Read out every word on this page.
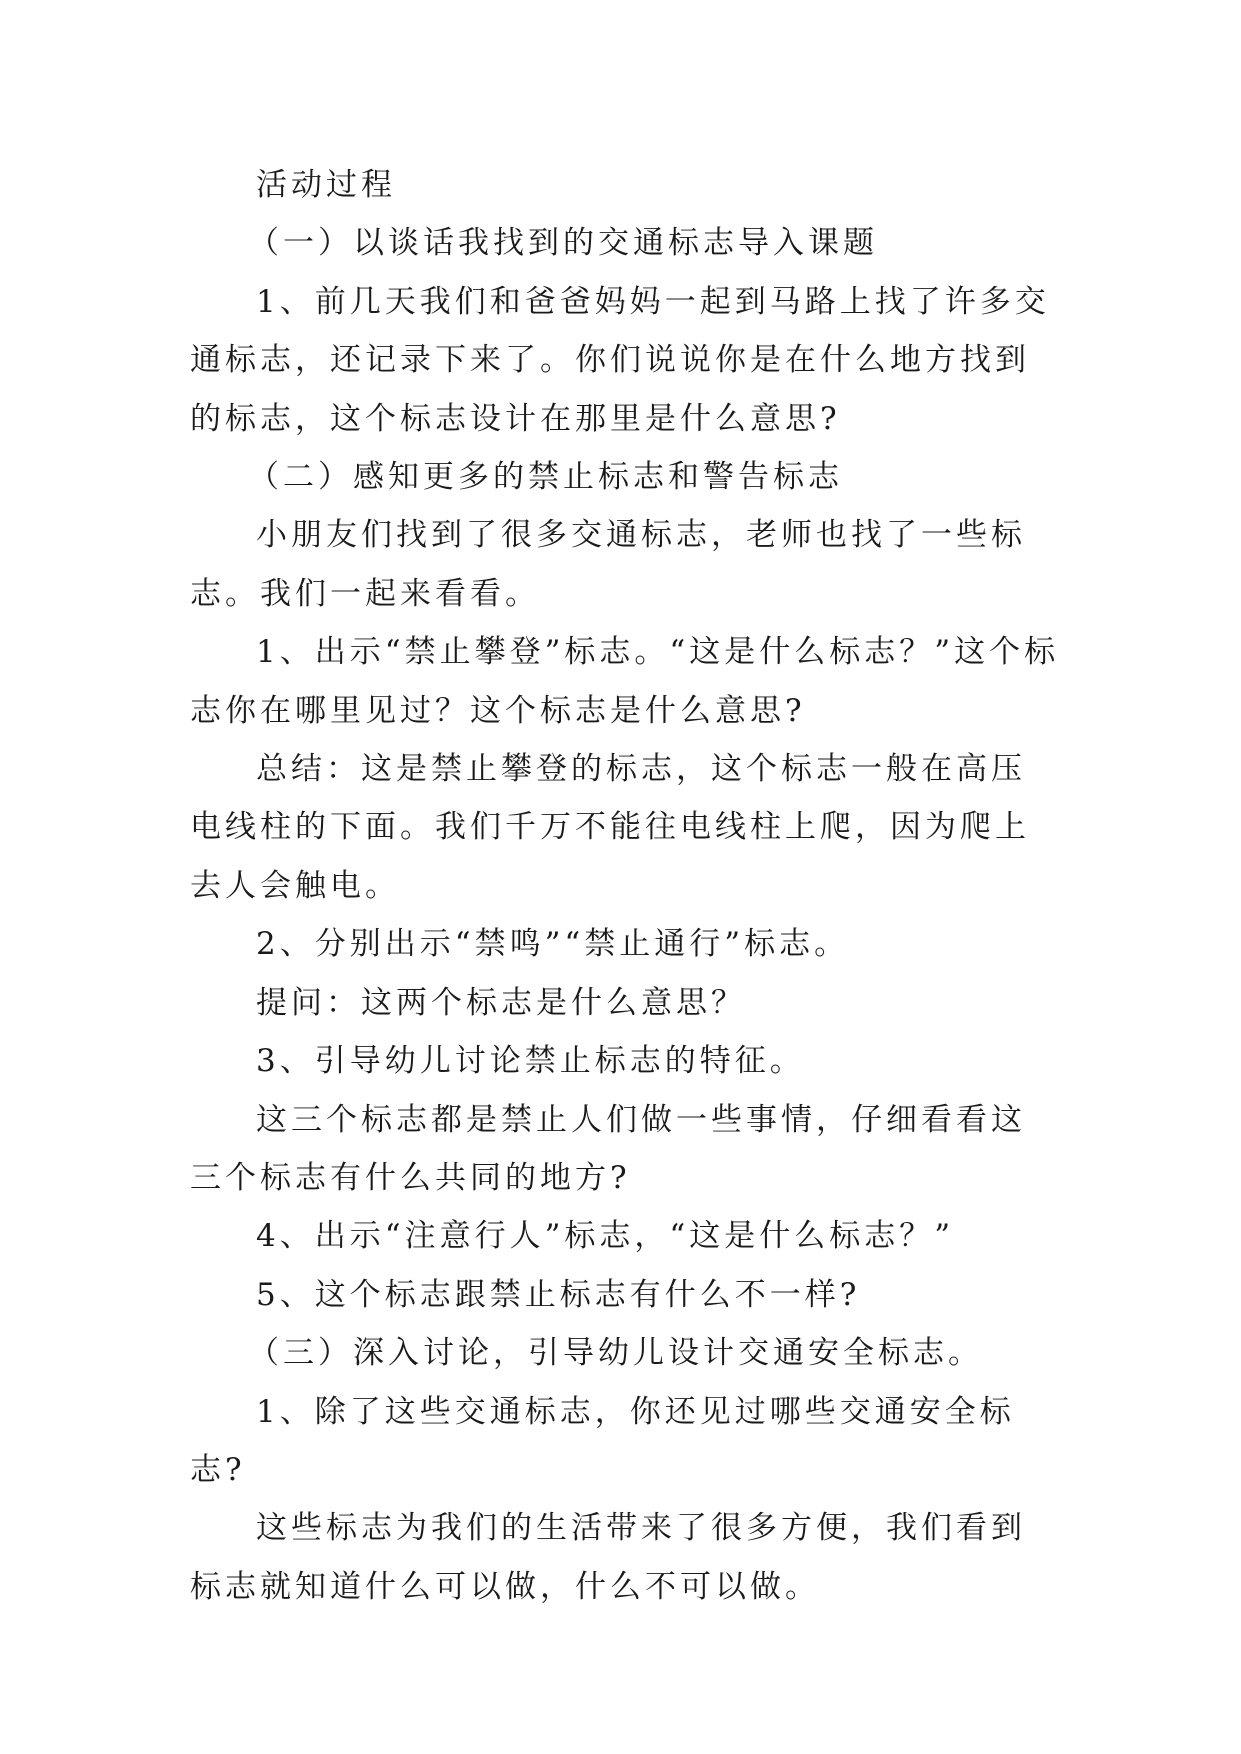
活动过程

（一）以谈话我找到的交通标志导入课题

1、前几天我们和爸爸妈妈一起到马路上找了许多交通标志，还记录下来了。你们说说你是在什么地方找到的标志，这个标志设计在那里是什么意思?

（二）感知更多的禁止标志和警告标志

小朋友们找到了很多交通标志，老师也找了一些标志。我们一起来看看。

1、出示“禁止攀登”标志。“这是什么标志？”这个标志你在哪里见过？这个标志是什么意思?

总结：这是禁止攀登的标志，这个标志一般在高压电线柱的下面。我们千万不能往电线柱上爬，因为爬上去人会触电。

2、分别出示“禁鸣”“禁止通行”标志。

提问：这两个标志是什么意思？

3、引导幼儿讨论禁止标志的特征。

这三个标志都是禁止人们做一些事情，仔细看看这三个标志有什么共同的地方?

4、出示“注意行人”标志，“这是什么标志？”

5、这个标志跟禁止标志有什么不一样?

（三）深入讨论，引导幼儿设计交通安全标志。

1、除了这些交通标志，你还见过哪些交通安全标志?

这些标志为我们的生活带来了很多方便，我们看到标志就知道什么可以做，什么不可以做。
